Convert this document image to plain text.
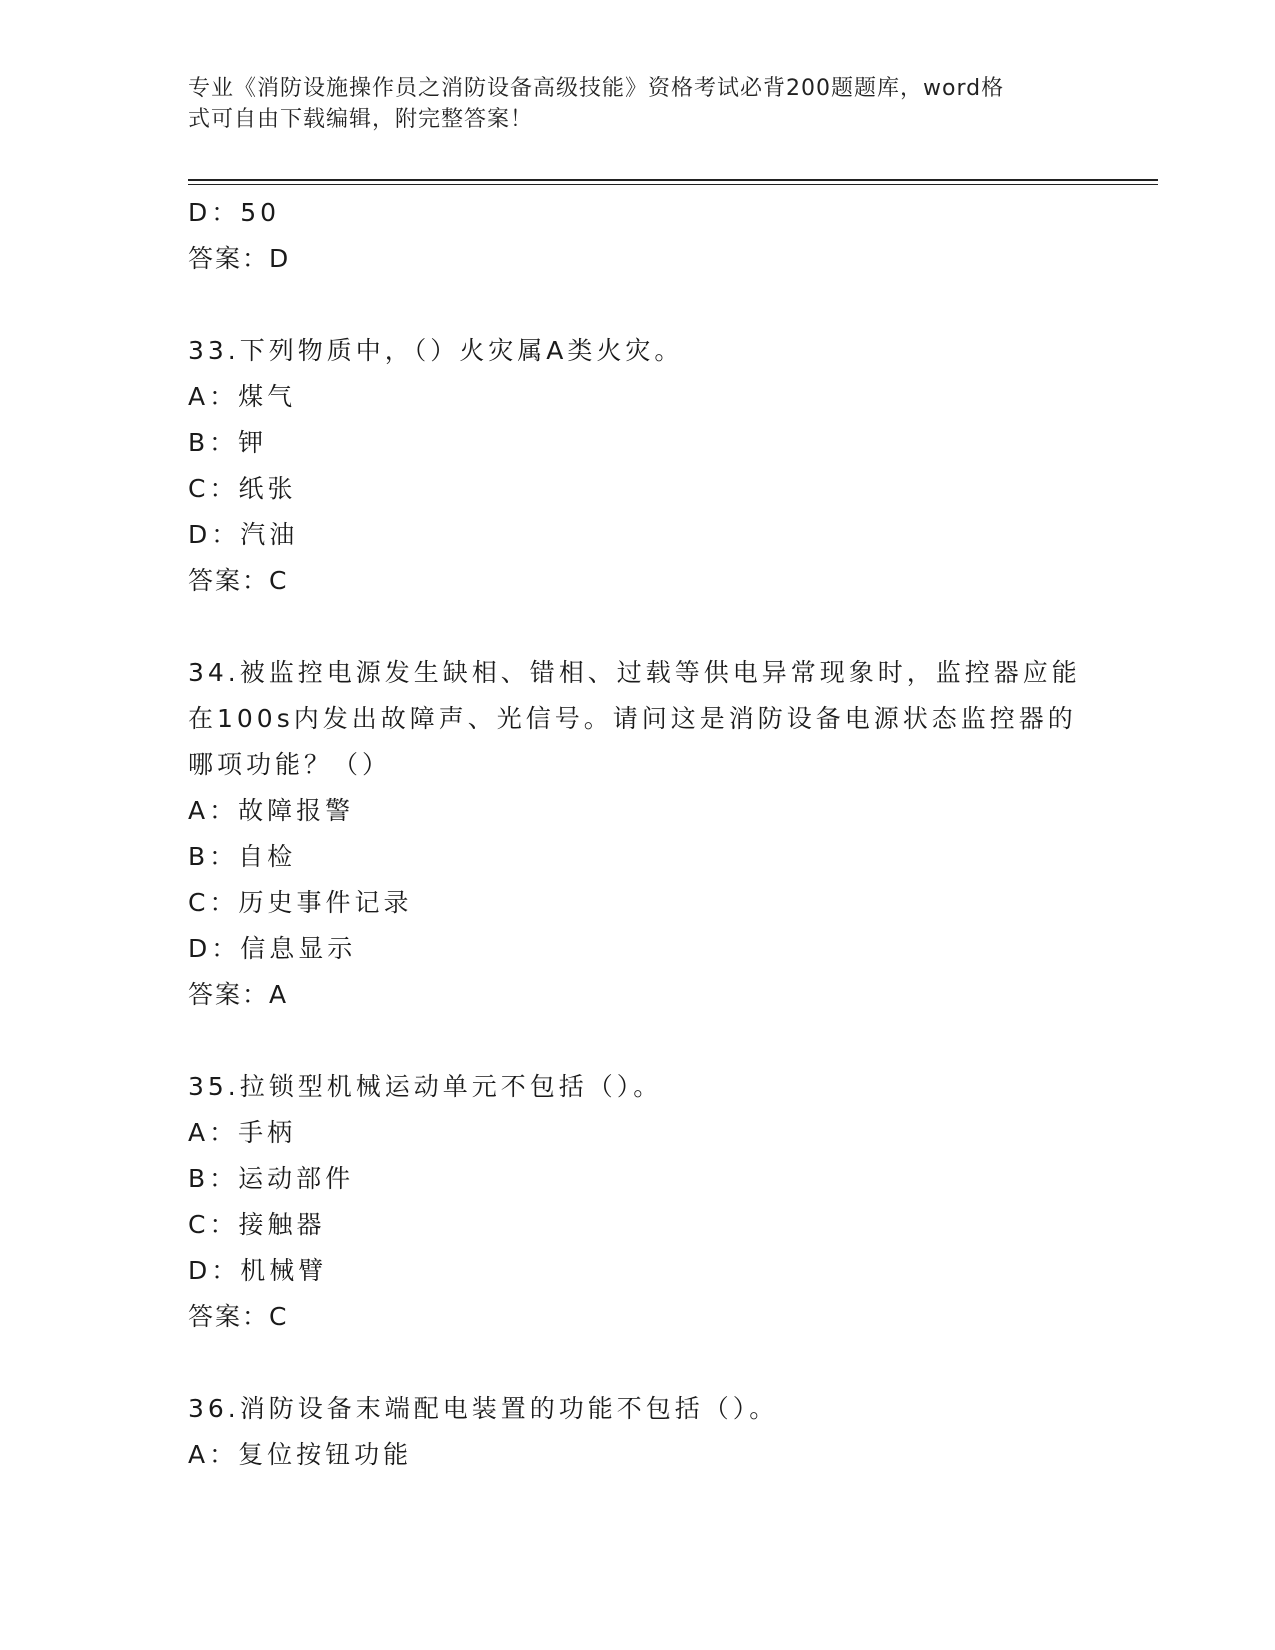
专业《消防设施操作员之消防设备高级技能》资格考试必背200题题库，word格
式可自由下载编辑，附完整答案！
D：50
答案：D
33.下列物质中，（）火灾属A类火灾。
A：煤气
B：钾
C：纸张
D：汽油
答案：C
34.被监控电源发生缺相、错相、过载等供电异常现象时，监控器应能
在100s内发出故障声、光信号。请问这是消防设备电源状态监控器的
哪项功能？（）
A：故障报警
B：自检
C：历史事件记录
D：信息显示
答案：A
35.拉锁型机械运动单元不包括（）。
A：手柄
B：运动部件
C：接触器
D：机械臂
答案：C
36.消防设备末端配电装置的功能不包括（）。
A：复位按钮功能
